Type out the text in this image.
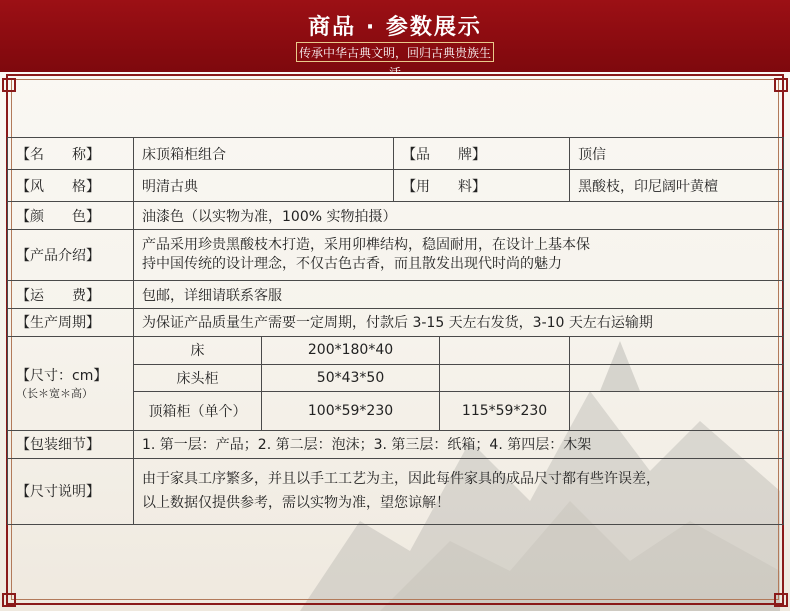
商品 · 参数展示
传承中华古典文明，回归古典贵族生活
【名　　称】	床顶箱柜组合		【品　　牌】		顶信
【风　　格】	明清古典		【用　　料】		黑酸枝，印尼阔叶黄檀
【颜　　色】	油漆色（以实物为准，100% 实物拍摄）				
【产品介绍】	产品采用珍贵黑酸枝木打造，采用卯榫结构，稳固耐用，在设计上基本保
持中国传统的设计理念，不仅古色古香，而且散发出现代时尚的魅力				

【运　　费】	包邮，详细请联系客服				
【生产周期】	为保证产品质量生产需要一定周期，付款后 3-15 天左右发货，3-10 天左右运输期				

【尺寸：cm】
（长＊宽＊高）	床	200*180*40			
	床头柜	50*43*50			
	顶箱柜（单个）	100*59*230		115*59*230	
【包装细节】	1. 第一层：产品；2. 第二层：泡沫；3. 第三层：纸箱；4. 第四层：木架				
【尺寸说明】	由于家具工序繁多，并且以手工工艺为主，因此每件家具的成品尺寸都有些许误差，
以上数据仅提供参考，需以实物为准，望您谅解！				
